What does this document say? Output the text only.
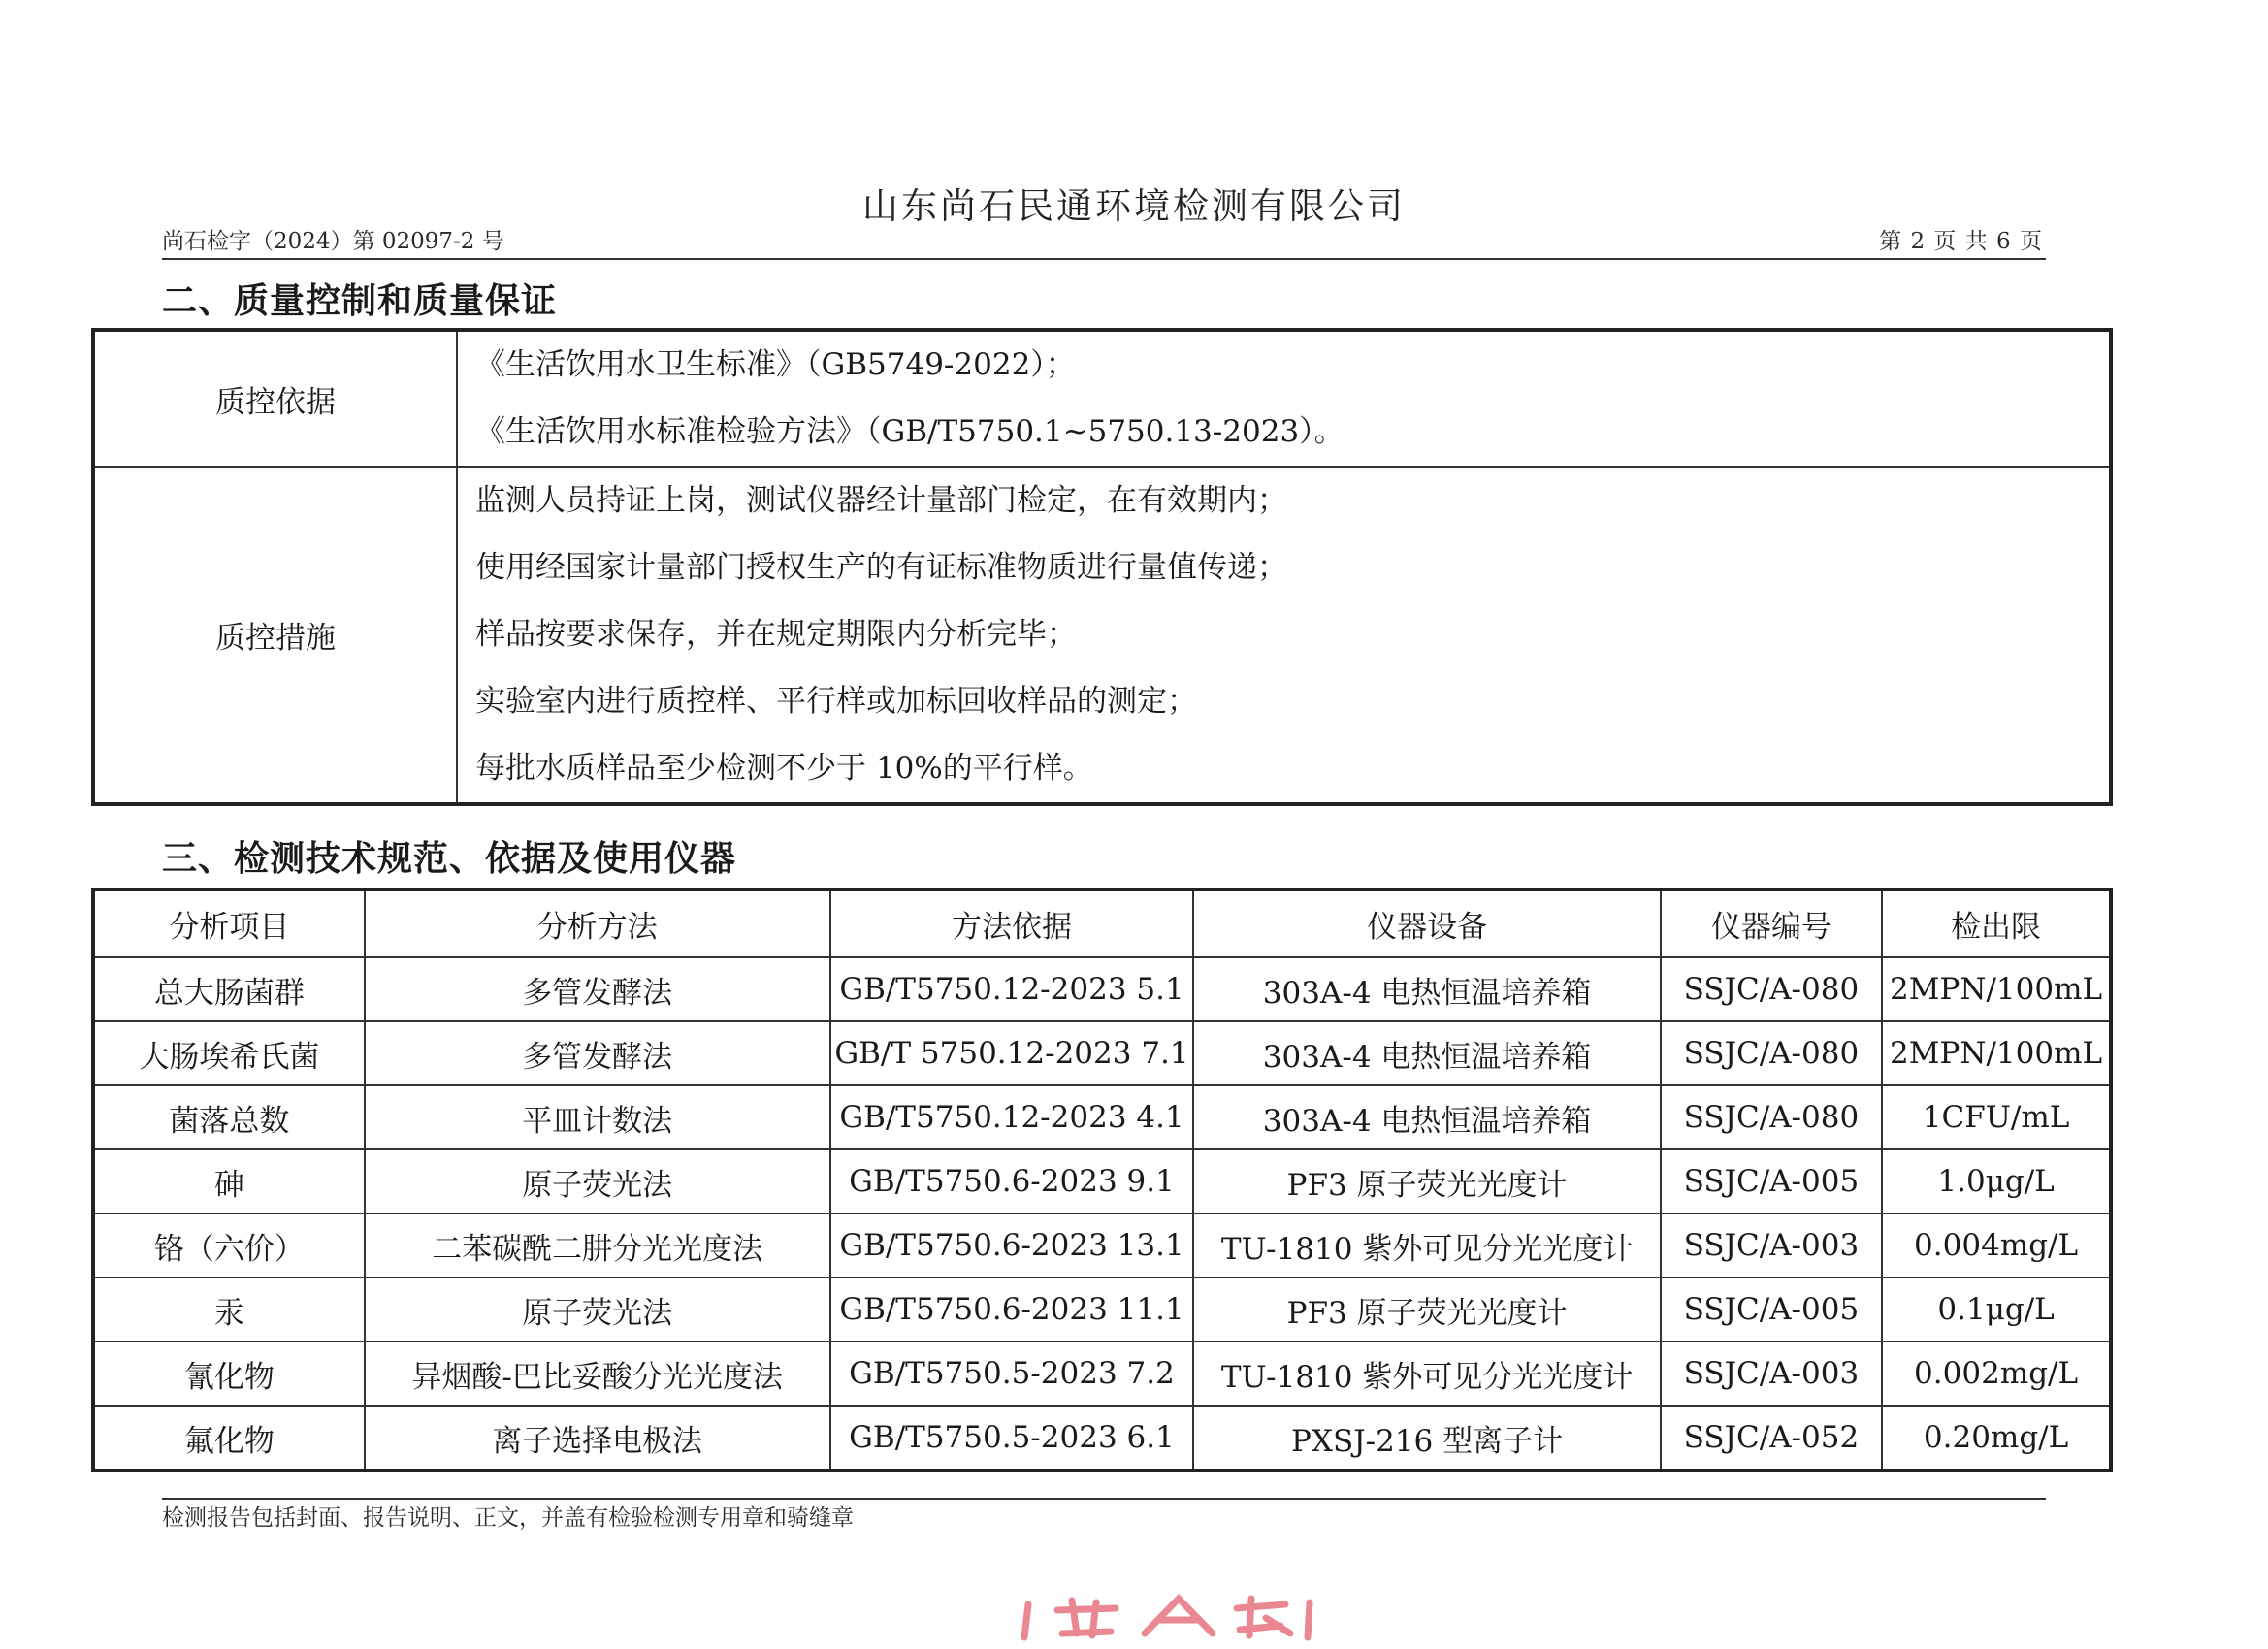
山东尚石民通环境检测有限公司
尚石检字（2024）第 02097-2 号	第 2 页 共 6 页
二、质量控制和质量保证
质控依据	《生活饮用水卫生标准》（GB5749-2022）；
《生活饮用水标准检验方法》（GB/T5750.1~5750.13-2023）。

质控措施	监测人员持证上岗，测试仪器经计量部门检定，在有效期内；
使用经国家计量部门授权生产的有证标准物质进行量值传递；
样品按要求保存，并在规定期限内分析完毕；
实验室内进行质控样、平行样或加标回收样品的测定；
每批水质样品至少检测不少于 10%的平行样。
三、检测技术规范、依据及使用仪器
分析项目	分析方法	方法依据	仪器设备	仪器编号	检出限
总大肠菌群	多管发酵法	GB/T5750.12-2023 5.1	303A-4 电热恒温培养箱	SSJC/A-080	2MPN/100mL
大肠埃希氏菌	多管发酵法	GB/T 5750.12-2023 7.1	303A-4 电热恒温培养箱	SSJC/A-080	2MPN/100mL
菌落总数	平皿计数法	GB/T5750.12-2023 4.1	303A-4 电热恒温培养箱	SSJC/A-080	1CFU/mL
砷	原子荧光法	GB/T5750.6-2023 9.1	PF3 原子荧光光度计	SSJC/A-005	1.0μg/L
铬（六价）	二苯碳酰二肼分光光度法	GB/T5750.6-2023 13.1	TU-1810 紫外可见分光光度计	SSJC/A-003	0.004mg/L
汞	原子荧光法	GB/T5750.6-2023 11.1	PF3 原子荧光光度计	SSJC/A-005	0.1μg/L
氰化物	异烟酸-巴比妥酸分光光度法	GB/T5750.5-2023 7.2	TU-1810 紫外可见分光光度计	SSJC/A-003	0.002mg/L
氟化物	离子选择电极法	GB/T5750.5-2023 6.1	PXSJ-216 型离子计	SSJC/A-052	0.20mg/L
检测报告包括封面、报告说明、正文，并盖有检验检测专用章和骑缝章
